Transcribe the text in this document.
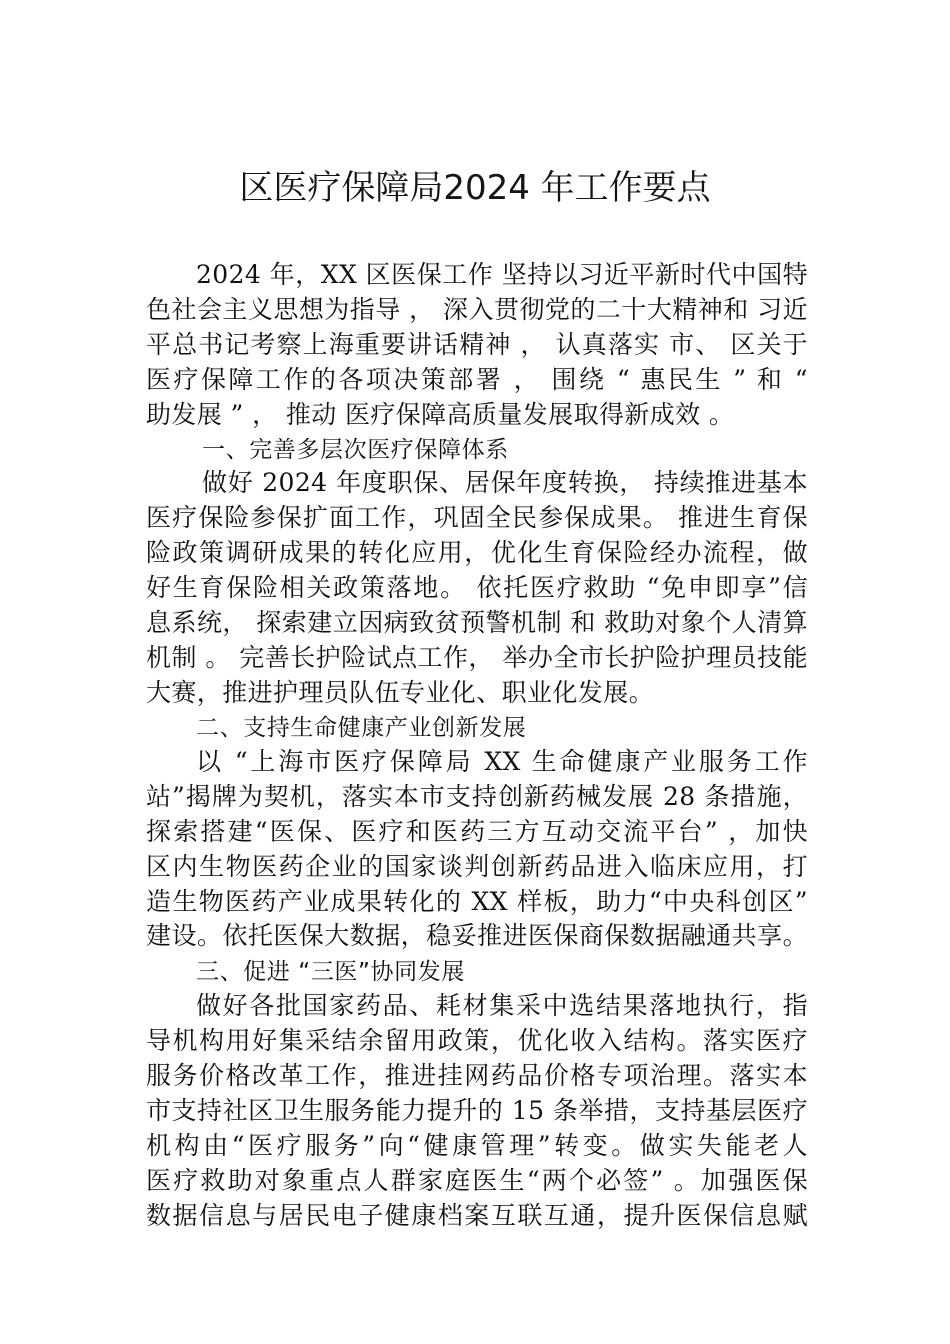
区医疗保障局2024 年工作要点
2024 年，XX 区医保工作 坚持以习近平新时代中国特
色社会主义思想为指导 ， 深入贯彻党的二十大精神和 习近
平总书记考察上海重要讲话精神 ， 认真落实 市、 区关于
医疗保障工作的各项决策部署 ， 围绕 “ 惠民生 ” 和 “
助发展 ” ， 推动 医疗保障高质量发展取得新成效 。
一、完善多层次医疗保障体系
做好 2024 年度职保、居保年度转换， 持续推进基本
医疗保险参保扩面工作，巩固全民参保成果。 推进生育保
险政策调研成果的转化应用，优化生育保险经办流程，做
好生育保险相关政策落地。 依托医疗救助 “免申即享”信
息系统， 探索建立因病致贫预警机制 和 救助对象个人清算
机制 。 完善长护险试点工作， 举办全市长护险护理员技能
大赛，推进护理员队伍专业化、职业化发展。
二、支持生命健康产业创新发展
以 “上海市医疗保障局 XX 生命健康产业服务工作
站”揭牌为契机，落实本市支持创新药械发展 28 条措施，
探索搭建“医保、医疗和医药三方互动交流平台” ，加快
区内生物医药企业的国家谈判创新药品进入临床应用，打
造生物医药产业成果转化的 XX 样板，助力“中央科创区”
建设。依托医保大数据，稳妥推进医保商保数据融通共享。
三、促进 “三医”协同发展
做好各批国家药品、耗材集采中选结果落地执行，指
导机构用好集采结余留用政策，优化收入结构。落实医疗
服务价格改革工作，推进挂网药品价格专项治理。落实本
市支持社区卫生服务能力提升的 15 条举措，支持基层医疗
机构由“医疗服务”向“健康管理”转变。做实失能老人
医疗救助对象重点人群家庭医生“两个必签” 。加强医保
数据信息与居民电子健康档案互联互通，提升医保信息赋
